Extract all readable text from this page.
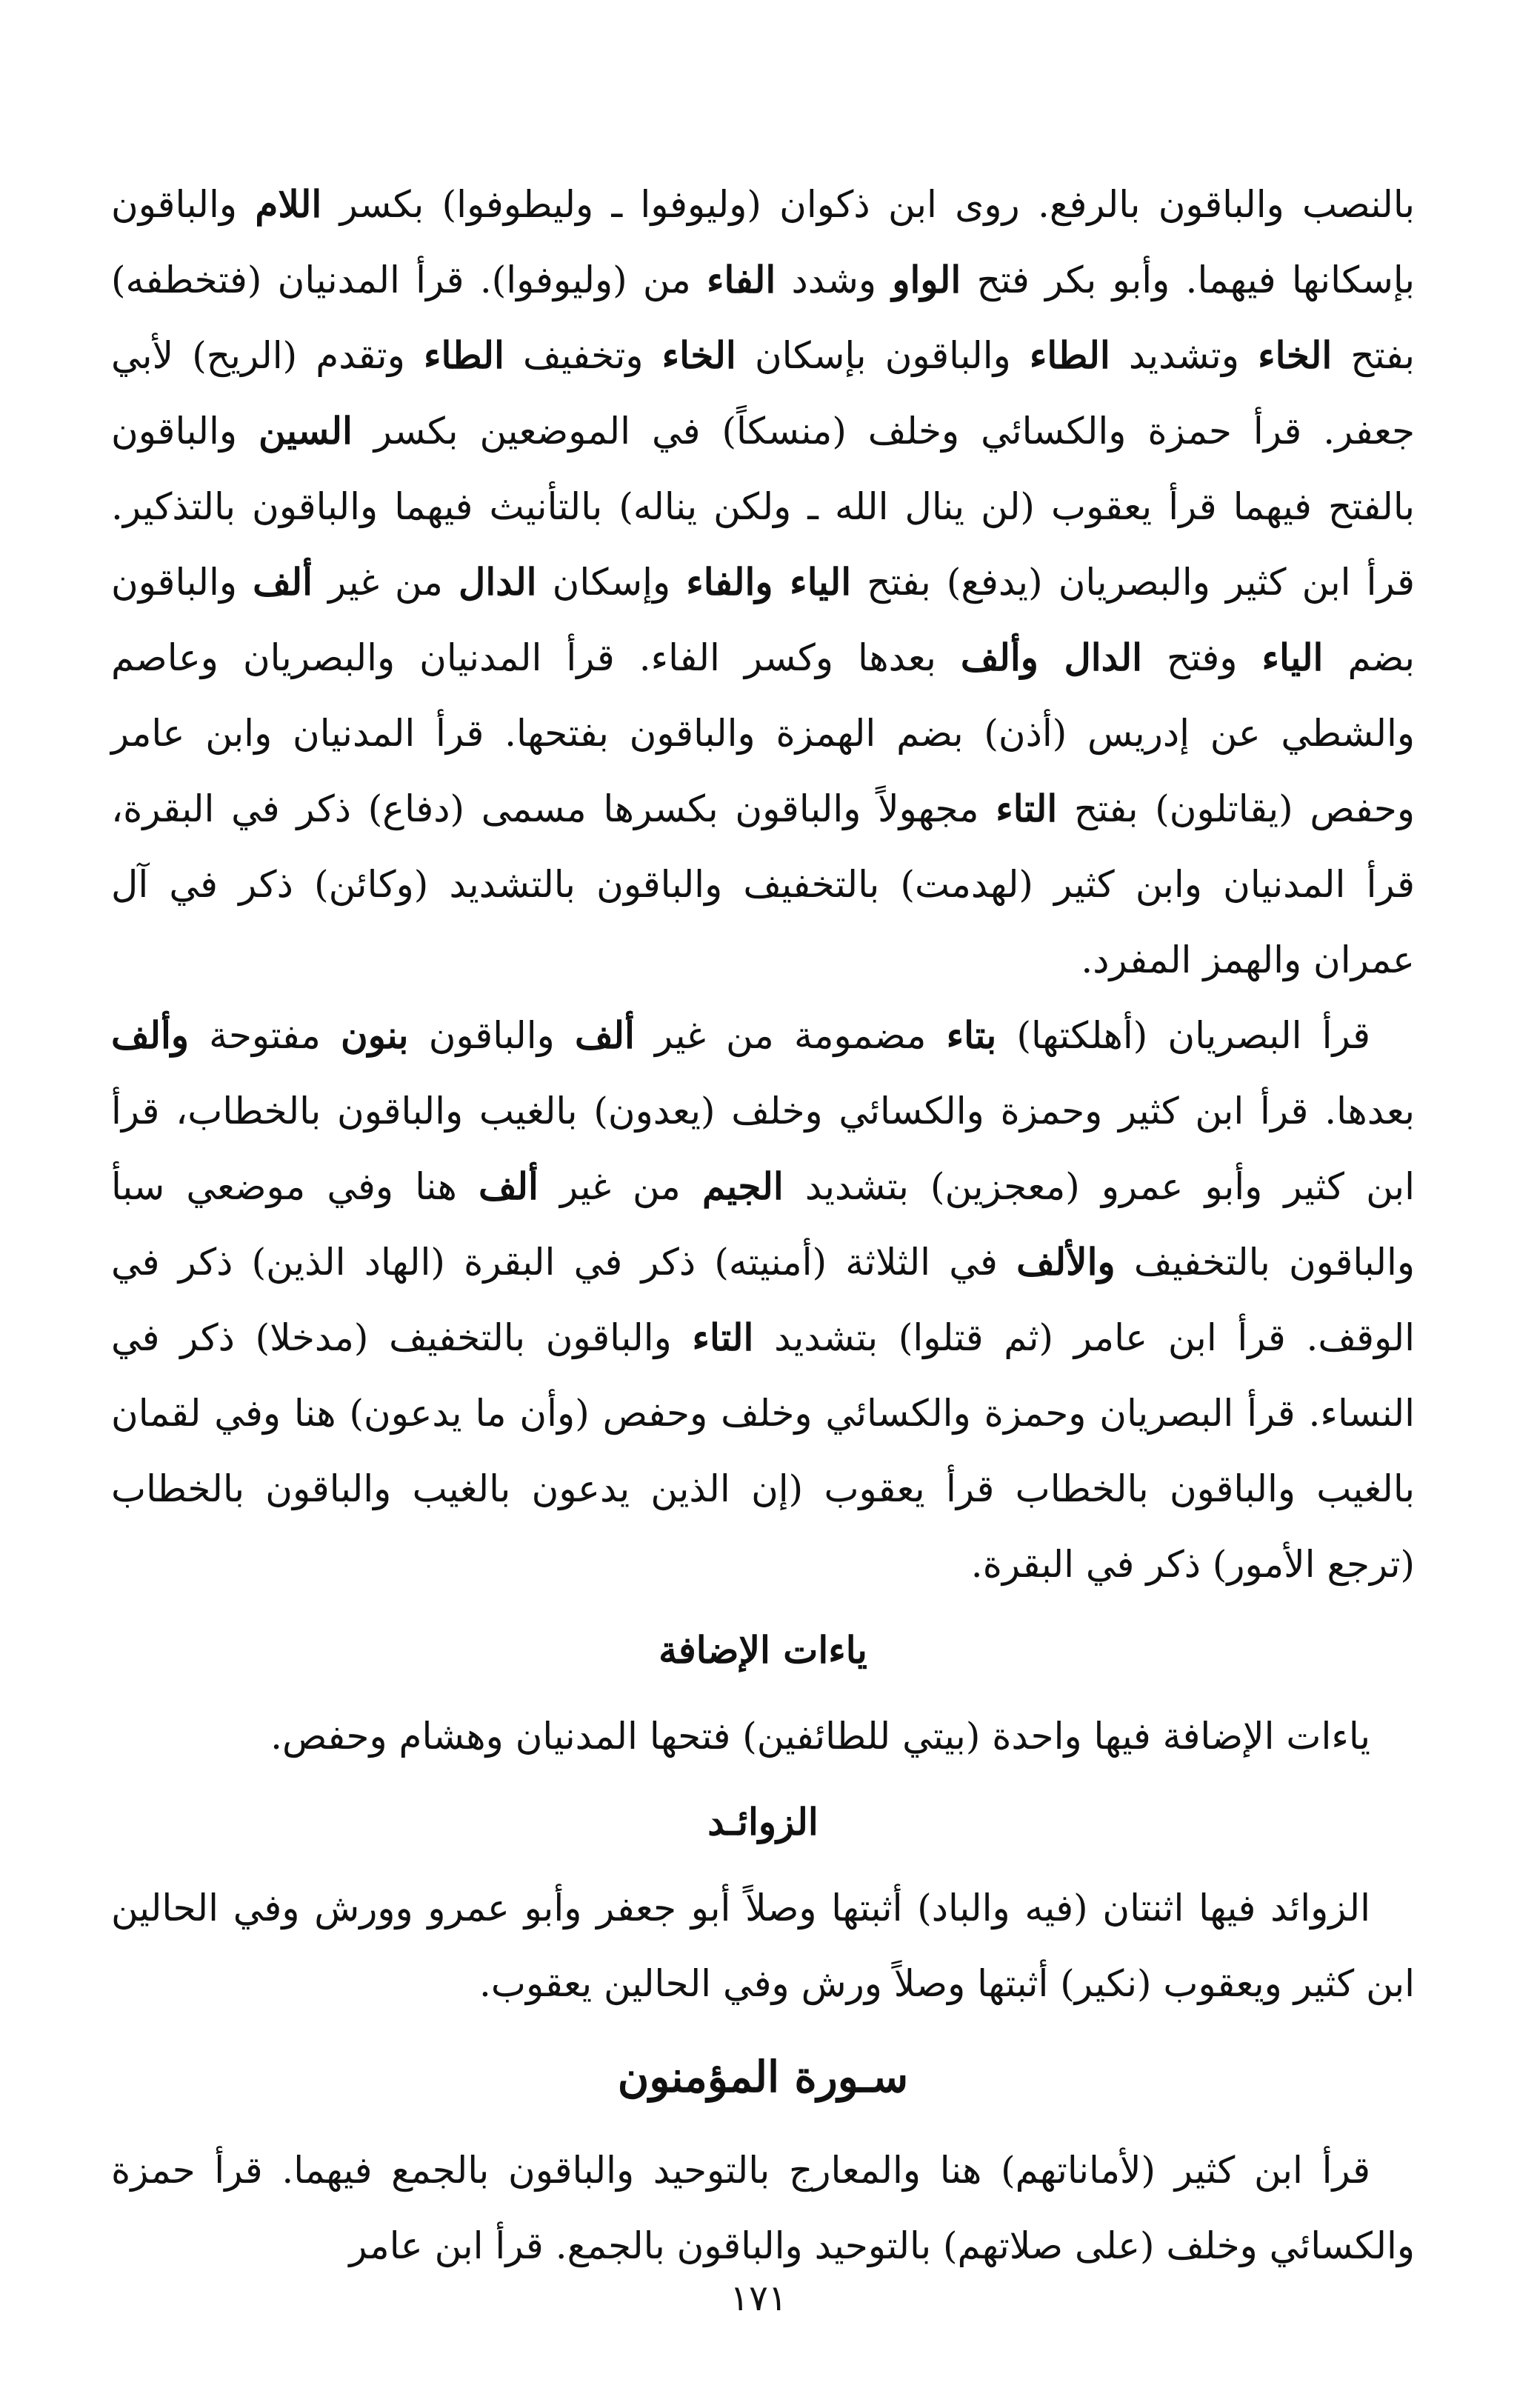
بالنصب والباقون بالرفع. روى ابن ذكوان (وليوفوا ـ وليطوفوا) بكسر اللام والباقون بإسكانها فيهما. وأبو بكر فتح الواو وشدد الفاء من (وليوفوا). قرأ المدنيان (فتخطفه) بفتح الخاء وتشديد الطاء والباقون بإسكان الخاء وتخفيف الطاء وتقدم (الريح) لأبي جعفر. قرأ حمزة والكسائي وخلف (منسكاً) في الموضعين بكسر السين والباقون بالفتح فيهما قرأ يعقوب (لن ينال الله ـ ولكن يناله) بالتأنيث فيهما والباقون بالتذكير. قرأ ابن كثير والبصريان (يدفع) بفتح الياء والفاء وإسكان الدال من غير ألف والباقون بضم الياء وفتح الدال وألف بعدها وكسر الفاء. قرأ المدنيان والبصريان وعاصم والشطي عن إدريس (أذن) بضم الهمزة والباقون بفتحها. قرأ المدنيان وابن عامر وحفص (يقاتلون) بفتح التاء مجهولاً والباقون بكسرها مسمى (دفاع) ذكر في البقرة، قرأ المدنيان وابن كثير (لهدمت) بالتخفيف والباقون بالتشديد (وكائن) ذكر في آل عمران والهمز المفرد.

قرأ البصريان (أهلكتها) بتاء مضمومة من غير ألف والباقون بنون مفتوحة وألف بعدها. قرأ ابن كثير وحمزة والكسائي وخلف (يعدون) بالغيب والباقون بالخطاب، قرأ ابن كثير وأبو عمرو (معجزين) بتشديد الجيم من غير ألف هنا وفي موضعي سبأ والباقون بالتخفيف والألف في الثلاثة (أمنيته) ذكر في البقرة (الهاد الذين) ذكر في الوقف. قرأ ابن عامر (ثم قتلوا) بتشديد التاء والباقون بالتخفيف (مدخلا) ذكر في النساء. قرأ البصريان وحمزة والكسائي وخلف وحفص (وأن ما يدعون) هنا وفي لقمان بالغيب والباقون بالخطاب قرأ يعقوب (إن الذين يدعون بالغيب والباقون بالخطاب (ترجع الأمور) ذكر في البقرة.

ياءات الإضافة

ياءات الإضافة فيها واحدة (بيتي للطائفين) فتحها المدنيان وهشام وحفص.

الزوائـد

الزوائد فيها اثنتان (فيه والباد) أثبتها وصلاً أبو جعفر وأبو عمرو وورش وفي الحالين ابن كثير ويعقوب (نكير) أثبتها وصلاً ورش وفي الحالين يعقوب.

سـورة المؤمنون

قرأ ابن كثير (لأماناتهم) هنا والمعارج بالتوحيد والباقون بالجمع فيهما. قرأ حمزة والكسائي وخلف (على صلاتهم) بالتوحيد والباقون بالجمع. قرأ ابن عامر

١٧١
